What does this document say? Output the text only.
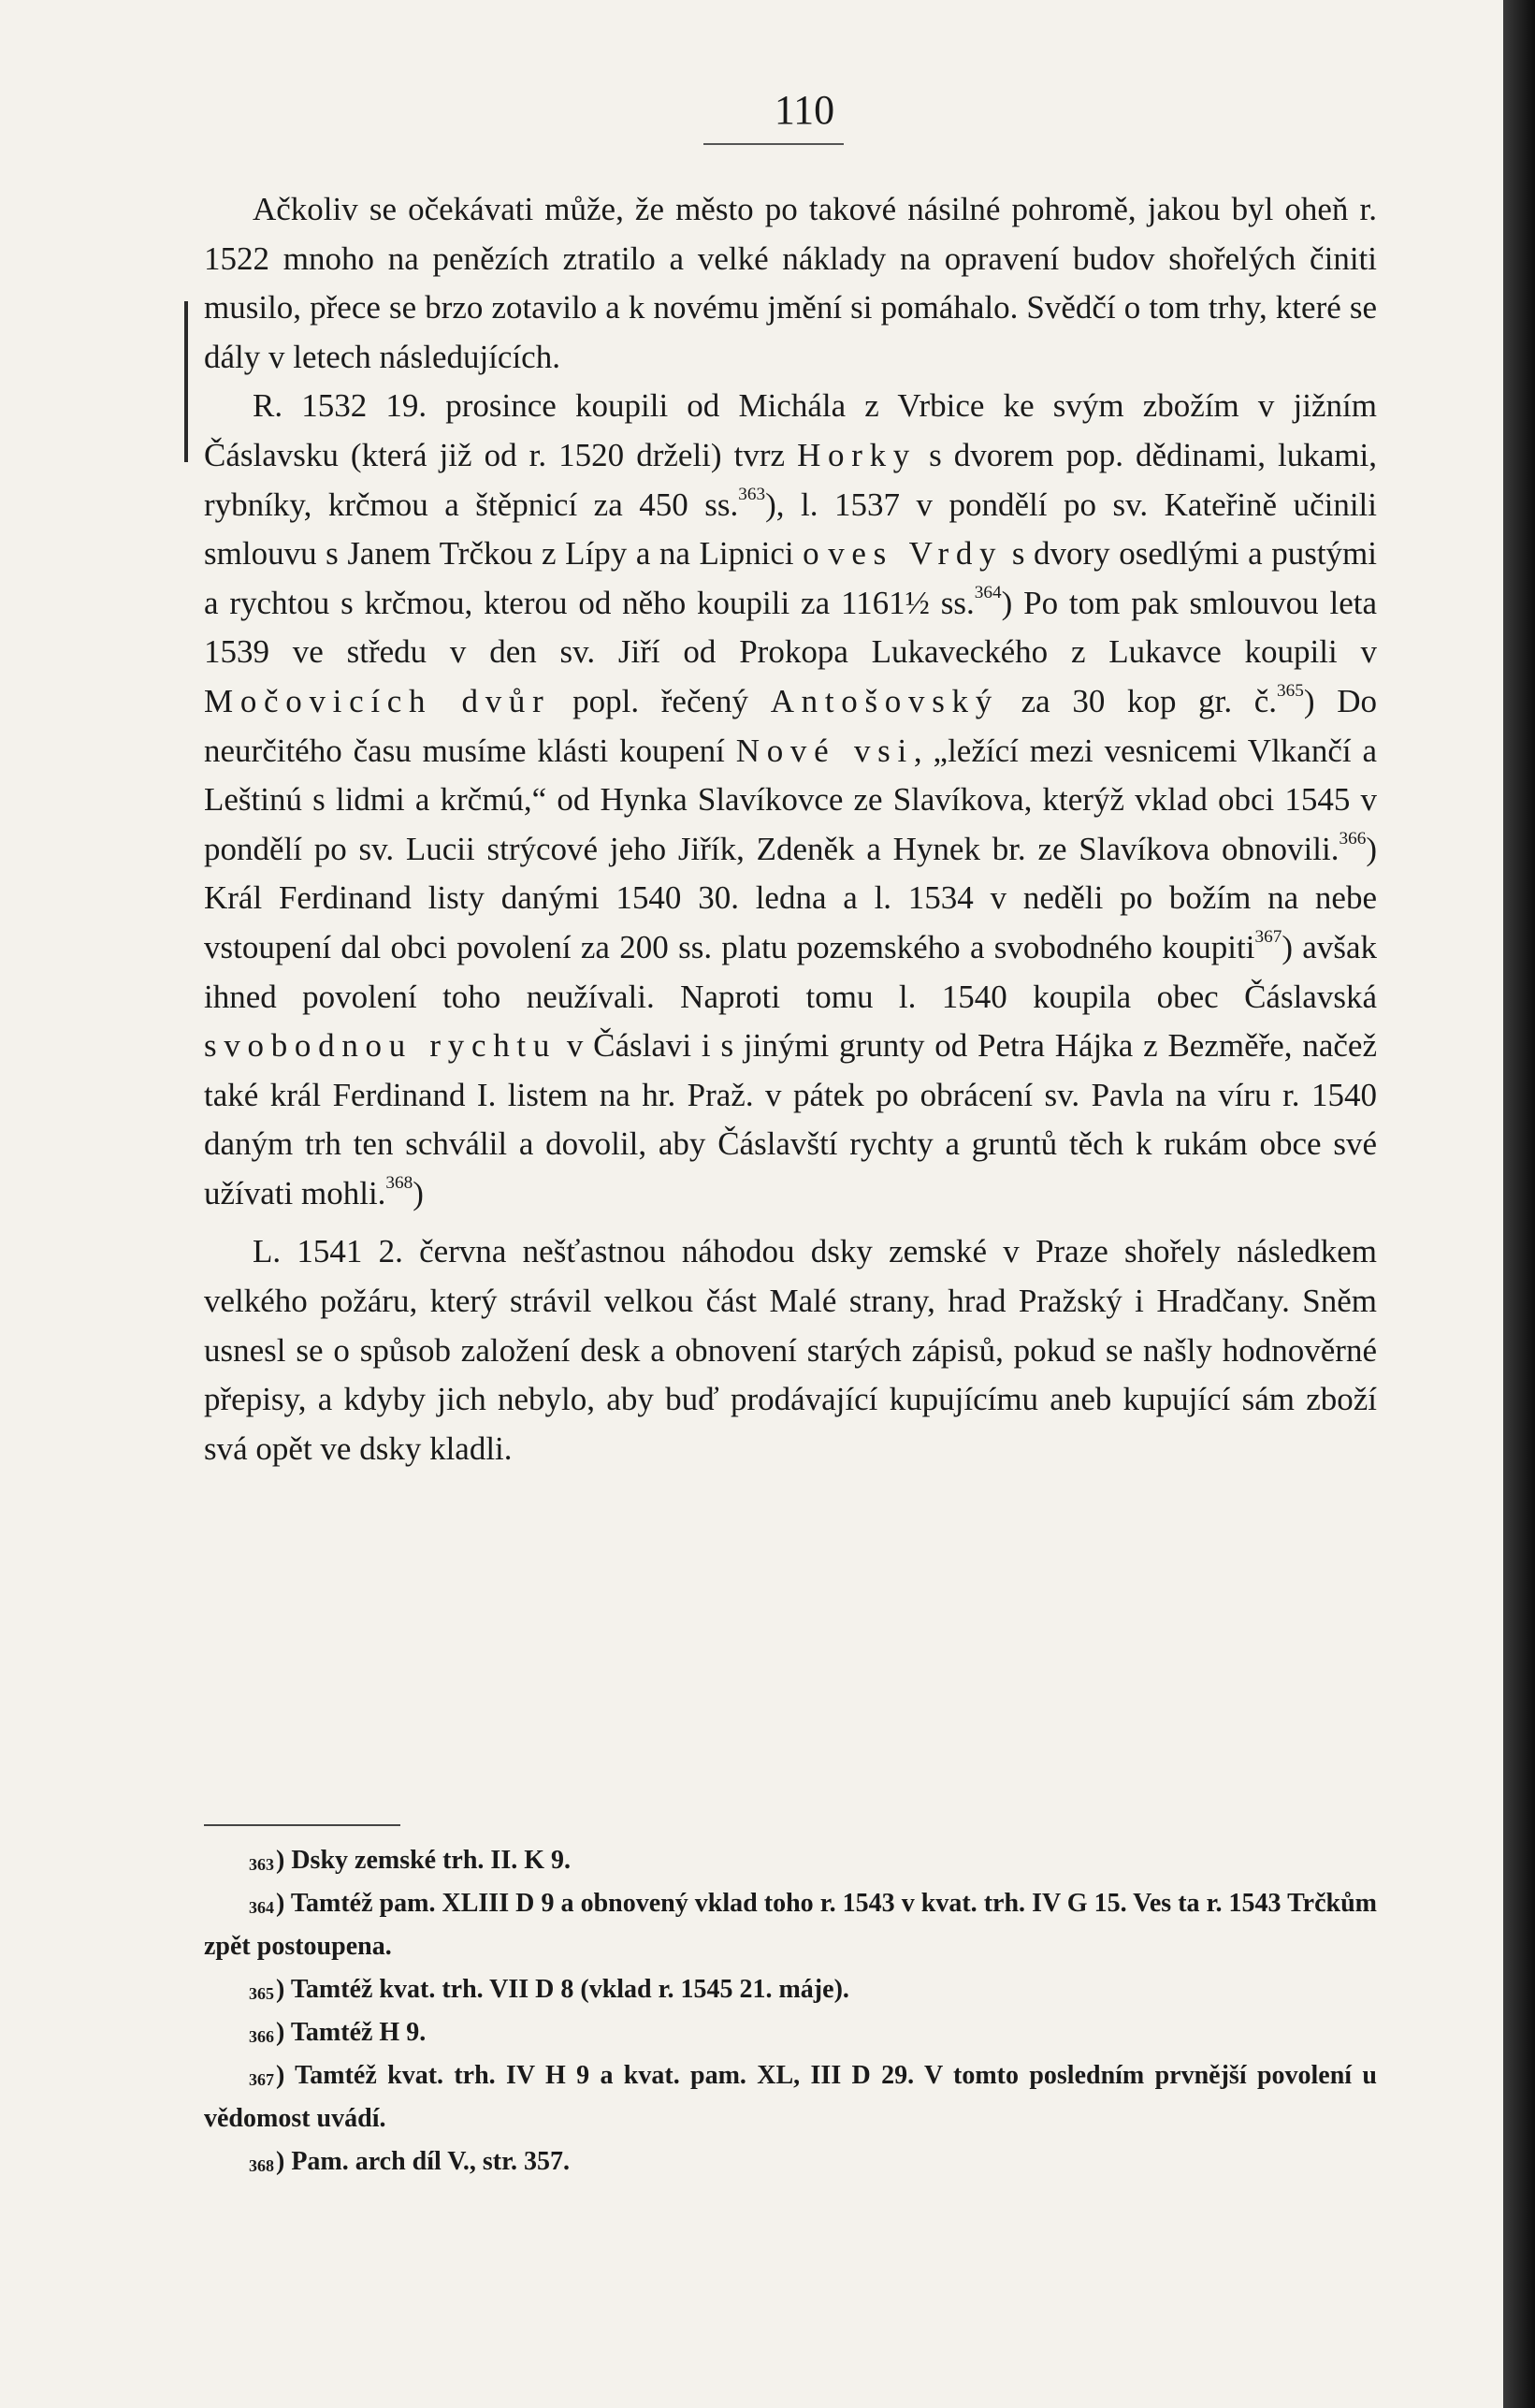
110

Ačkoliv se očekávati může, že město po takové násilné pohromě, jakou byl oheň r. 1522 mnoho na penězích ztratilo a velké náklady na opravení budov shořelých činiti musilo, přece se brzo zotavilo a k novému jmění si pomáhalo. Svědčí o tom trhy, které se dály v letech následujících.

R. 1532 19. prosince koupili od Michála z Vrbice ke svým zbožím v jižním Čáslavsku (která již od r. 1520 drželi) tvrz Horky s dvorem pop. dědinami, lukami, rybníky, krčmou a štěpnicí za 450 ss.$^{363}$), l. 1537 v pondělí po sv. Kateřině učinili smlouvu s Janem Trčkou z Lípy a na Lipnici o ves Vrdy s dvory osedlými a pustými a rychtou s krčmou, kterou od něho koupili za 1161½ ss.$^{364}$) Po tom pak smlouvou leta 1539 ve středu v den sv. Jiří od Prokopa Lukaveckého z Lukavce koupili v Močovicích dvůr popl. řečený Antošovský za 30 kop gr. č.$^{365}$) Do neurčitého času musíme klásti koupení Nové vsi, „ležící mezi vesnicemi Vlkančí a Leštinú s lidmi a krčmú,“ od Hynka Slavíkovce ze Slavíkova, kterýž vklad obci 1545 v pondělí po sv. Lucii strýcové jeho Jiřík, Zdeněk a Hynek br. ze Slavíkova obnovili.$^{366}$) Král Ferdinand listy danými 1540 30. ledna a l. 1534 v neděli po božím na nebe vstoupení dal obci povolení za 200 ss. platu pozemského a svobodného koupiti$^{367}$) avšak ihned povolení toho neužívali. Naproti tomu l. 1540 koupila obec Čáslavská svobodnou rychtu v Čáslavi i s jinými grunty od Petra Hájka z Bezměře, načež také král Ferdinand I. listem na hr. Praž. v pátek po obrácení sv. Pavla na víru r. 1540 daným trh ten schválil a dovolil, aby Čáslavští rychty a gruntů těch k rukám obce své užívati mohli.$^{368}$)

L. 1541 2. června nešťastnou náhodou dsky zemské v Praze shořely následkem velkého požáru, který strávil velkou část Malé strany, hrad Pražský i Hradčany. Sněm usnesl se o spůsob založení desk a obnovení starých zápisů, pokud se našly hodnověrné přepisy, a kdyby jich nebylo, aby buď prodávající kupujícímu aneb kupující sám zboží svá opět ve dsky kladli.

$^{363}$) Dsky zemské trh. II. K 9.

$^{364}$) Tamtéž pam. XLIII D 9 a obnovený vklad toho r. 1543 v kvat. trh. IV G 15. Ves ta r. 1543 Trčkům zpět postoupena.

$^{365}$) Tamtéž kvat. trh. VII D 8 (vklad r. 1545 21. máje).

$^{366}$) Tamtéž H 9.

$^{367}$) Tamtéž kvat. trh. IV H 9 a kvat. pam. XL, III D 29. V tomto posledním prvnější povolení u vědomost uvádí.

$^{368}$) Pam. arch díl V., str. 357.
